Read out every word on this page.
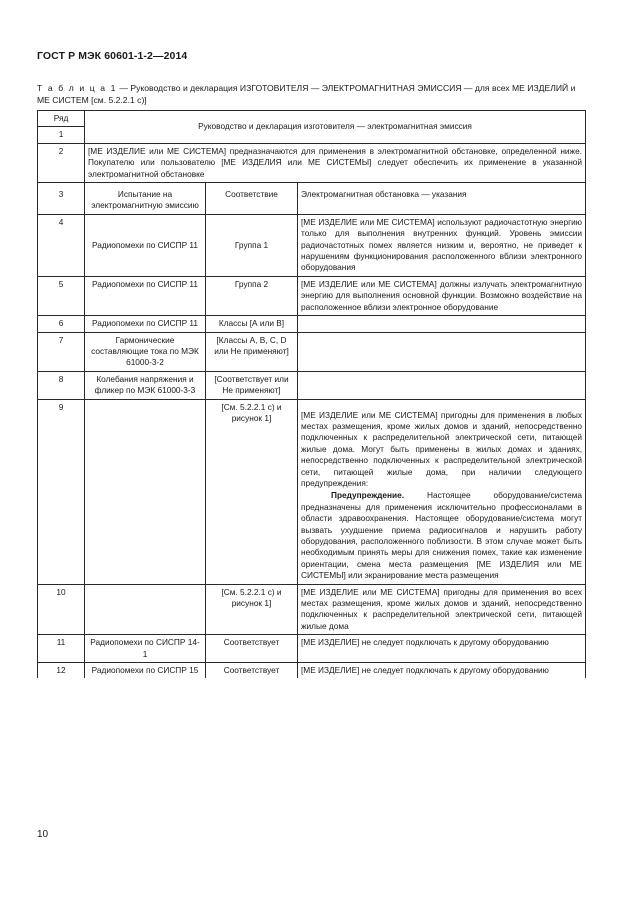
ГОСТ Р МЭК 60601-1-2—2014
Т а б л и ц а 1 — Руководство и декларация ИЗГОТОВИТЕЛЯ — ЭЛЕКТРОМАГНИТНАЯ ЭМИССИЯ — для всех МЕ ИЗДЕЛИЙ и МЕ СИСТЕМ [см. 5.2.2.1 с)]
Ряд	Руководство и декларация изготовителя — электромагнитная эмиссия		
1			
2	[МЕ ИЗДЕЛИЕ или МЕ СИСТЕМА] предназначаются для применения в электромагнитной обстановке, определенной ниже. Покупателю или пользователю [МЕ ИЗДЕЛИЯ или МЕ СИСТЕМЫ] следует обеспечить их применение в указанной электромагнитной обстановке		
3	Испытание на электромагнитную эмиссию	Соответствие	Электромагнитная обстановка — указания
4	Радиопомехи по СИСПР 11	Группа 1	[МЕ ИЗДЕЛИЕ или МЕ СИСТЕМА] используют радиочастотную энергию только для выполнения внутренних функций. Уровень эмиссии радиочастотных помех является низким и, вероятно, не приведет к нарушениям функционирования расположенного вблизи электронного оборудования
5	Радиопомехи по СИСПР 11	Группа 2	[МЕ ИЗДЕЛИЕ или МЕ СИСТЕМА] должны излучать электромагнитную энергию для выполнения основной функции. Возможно воздействие на расположенное вблизи электронное оборудование
6	Радиопомехи по СИСПР 11	Классы [А или В]	
7	Гармонические составляющие тока по МЭК 61000-3-2	[Классы А, В, С, D или Не применяют]	
8	Колебания напряжения и фликер по МЭК 61000-3-3	[Соответствует или Не применяют]	
9		[См. 5.2.2.1 с) и рисунок 1]	[МЕ ИЗДЕЛИЕ или МЕ СИСТЕМА] пригодны для применения в любых местах размещения, кроме жилых домов и зданий, непосредственно подключенных к распределительной электрической сети, питающей жилые дома. Могут быть применены в жилых домах и зданиях, непосредственно подключенных к распределительной электрической сети, питающей жилые дома, при наличии следующего предупреждения:
Предупреждение. Настоящее оборудование/система предназначены для применения исключительно профессионалами в области здравоохранения. Настоящее оборудование/система могут вызвать ухудшение приема радиосигналов и нарушить работу оборудования, расположенного поблизости. В этом случае может быть необходимым принять меры для снижения помех, такие как изменение ориентации, смена места размещения [МЕ ИЗДЕЛИЯ или МЕ СИСТЕМЫ] или экранирование места размещения

10		[См. 5.2.2.1 с) и рисунок 1]	[МЕ ИЗДЕЛИЕ или МЕ СИСТЕМА] пригодны для применения во всех местах размещения, кроме жилых домов и зданий, непосредственно подключенных к распределительной электрической сети, питающей жилые дома
11	Радиопомехи по СИСПР 14-1	Соответствует	[МЕ ИЗДЕЛИЕ] не следует подключать к другому оборудованию
12	Радиопомехи по СИСПР 15	Соответствует	[МЕ ИЗДЕЛИЕ] не следует подключать к другому оборудованию
10
